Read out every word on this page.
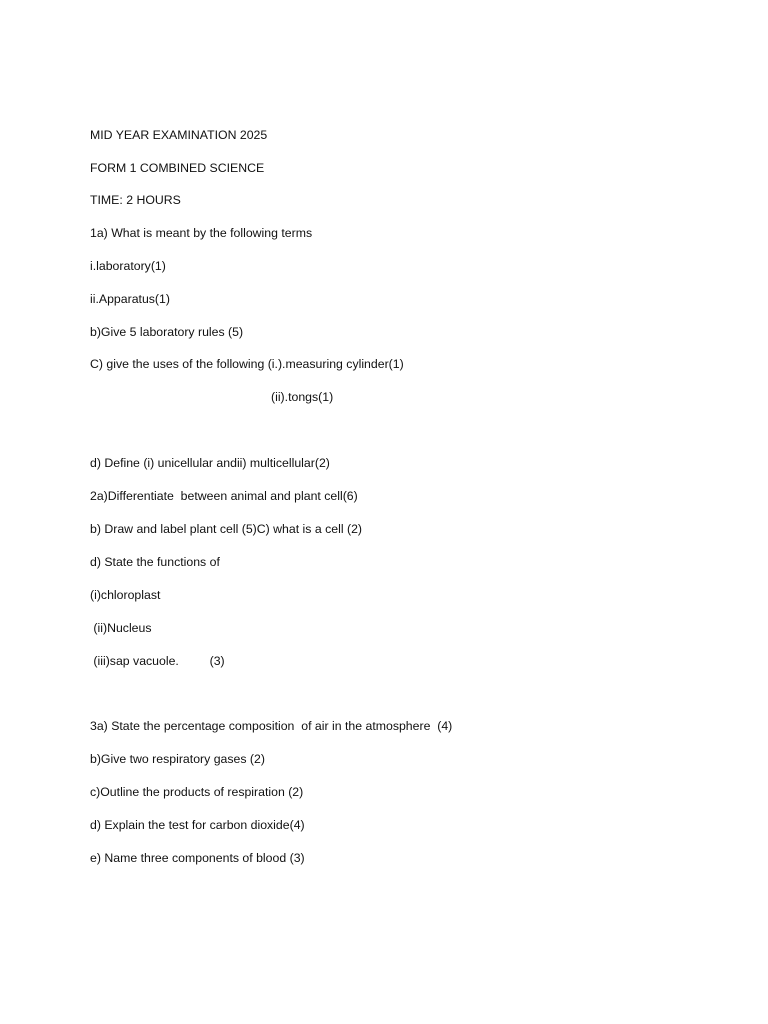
MID YEAR EXAMINATION 2025
FORM 1 COMBINED SCIENCE
TIME: 2 HOURS
1a) What is meant by the following terms
i.laboratory(1)
ii.Apparatus(1)
b)Give 5 laboratory rules (5)
C) give the uses of the following (i.).measuring cylinder(1)
(ii).tongs(1)
d) Define (i) unicellular andii) multicellular(2)
2a)Differentiate  between animal and plant cell(6)
b) Draw and label plant cell (5)C) what is a cell (2)
d) State the functions of
(i)chloroplast
(ii)Nucleus
(iii)sap vacuole.         (3)
3a) State the percentage composition  of air in the atmosphere  (4)
b)Give two respiratory gases (2)
c)Outline the products of respiration (2)
d) Explain the test for carbon dioxide(4)
e) Name three components of blood (3)
